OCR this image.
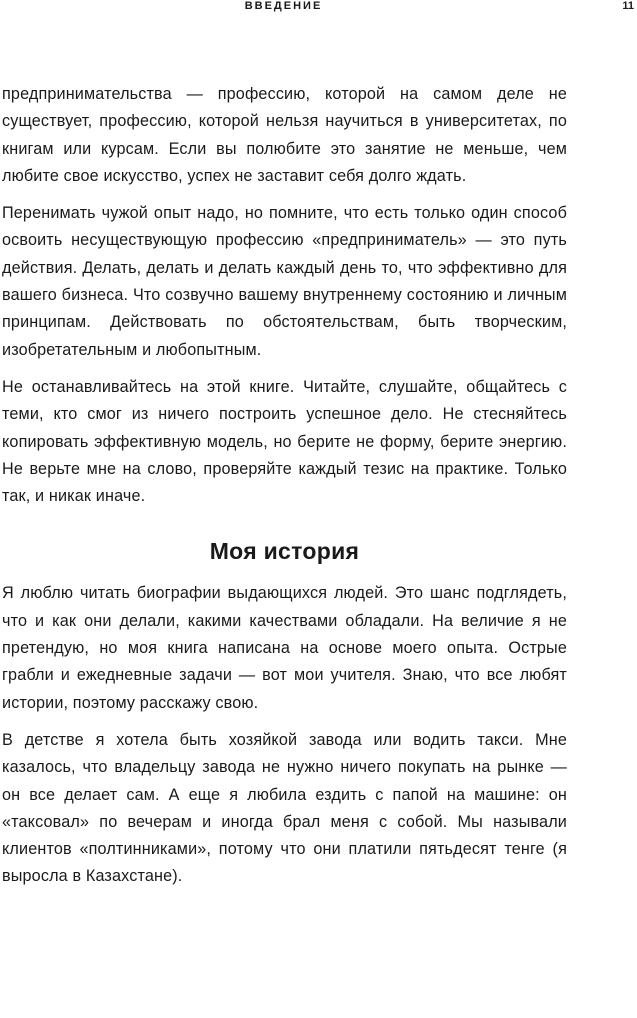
ВВЕДЕНИЕ	11

предпринимательства — профессию, которой на самом деле не существует, профессию, которой нельзя научиться в университетах, по книгам или курсам. Если вы полюбите это занятие не меньше, чем любите свое искусство, успех не заставит себя долго ждать.

Перенимать чужой опыт надо, но помните, что есть только один способ освоить несуществующую профессию «предприниматель» — это путь действия. Делать, делать и делать каждый день то, что эффективно для вашего бизнеса. Что созвучно вашему внутреннему состоянию и личным принципам. Действовать по обстоятельствам, быть творческим, изобретательным и любопытным.

Не останавливайтесь на этой книге. Читайте, слушайте, общайтесь с теми, кто смог из ничего построить успешное дело. Не стесняйтесь копировать эффективную модель, но берите не форму, берите энергию. Не верьте мне на слово, проверяйте каждый тезис на практике. Только так, и никак иначе.

Моя история

Я люблю читать биографии выдающихся людей. Это шанс подглядеть, что и как они делали, какими качествами обладали. На величие я не претендую, но моя книга написана на основе моего опыта. Острые грабли и ежедневные задачи — вот мои учителя. Знаю, что все любят истории, поэтому расскажу свою.

В детстве я хотела быть хозяйкой завода или водить такси. Мне казалось, что владельцу завода не нужно ничего покупать на рынке — он все делает сам. А еще я любила ездить с папой на машине: он «таксовал» по вечерам и иногда брал меня с собой. Мы называли клиентов «полтинниками», потому что они платили пятьдесят тенге (я выросла в Казахстане).
